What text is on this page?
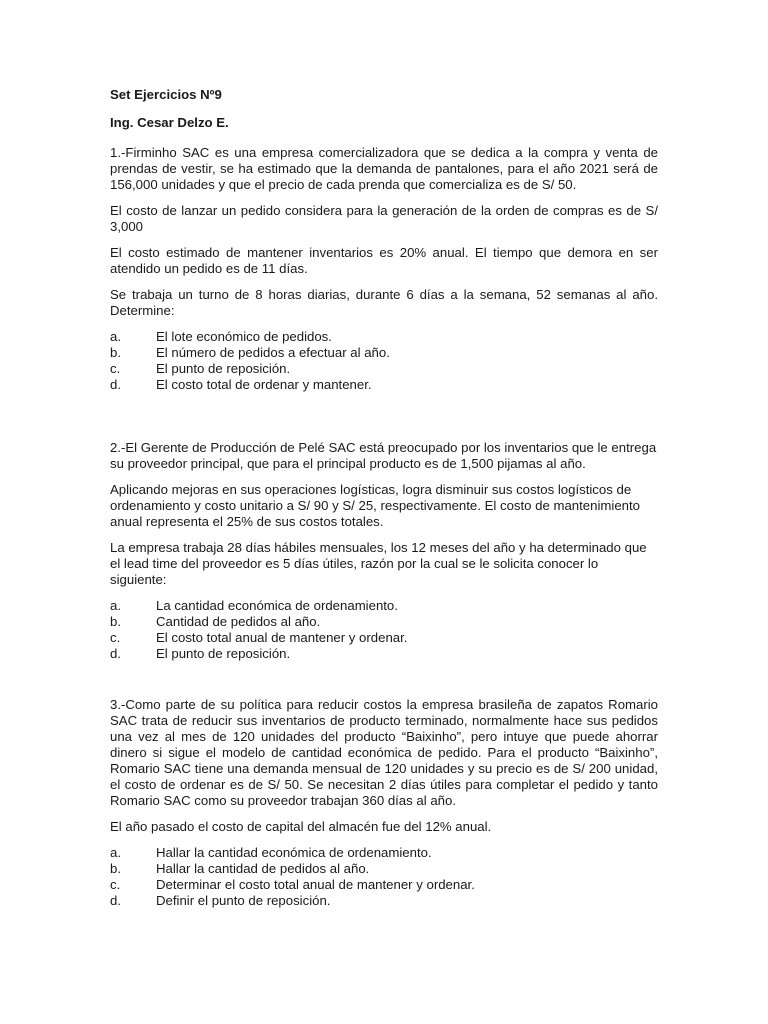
Set Ejercicios Nº9
Ing. Cesar Delzo E.

1.-Firminho SAC es una empresa comercializadora que se dedica a la compra y venta de prendas de vestir, se ha estimado que la demanda de pantalones, para el año 2021 será de 156,000 unidades y que el precio de cada prenda que comercializa es de S/ 50.

El costo de lanzar un pedido considera para la generación de la orden de compras es de S/ 3,000

El costo estimado de mantener inventarios es 20% anual. El tiempo que demora en ser atendido un pedido es de 11 días.

Se trabaja un turno de 8 horas diarias, durante 6 días a la semana, 52 semanas al año. Determine:

a.	El lote económico de pedidos.
b.	El número de pedidos a efectuar al año.
c.	El punto de reposición.
d.	El costo total de ordenar y mantener.

2.-El Gerente de Producción de Pelé SAC está preocupado por los inventarios que le entrega su proveedor principal, que para el principal producto es de 1,500 pijamas al año.

Aplicando mejoras en sus operaciones logísticas, logra disminuir sus costos logísticos de ordenamiento y costo unitario a S/ 90 y S/ 25, respectivamente. El costo de mantenimiento anual representa el 25% de sus costos totales.

La empresa trabaja 28 días hábiles mensuales, los 12 meses del año y ha determinado que el lead time del proveedor es 5 días útiles, razón por la cual se le solicita conocer lo siguiente:

a.	La cantidad económica de ordenamiento.
b.	Cantidad de pedidos al año.
c.	El costo total anual de mantener y ordenar.
d.	El punto de reposición.

3.-Como parte de su política para reducir costos la empresa brasileña de zapatos Romario SAC trata de reducir sus inventarios de producto terminado, normalmente hace sus pedidos una vez al mes de 120 unidades del producto “Baixinho”, pero intuye que puede ahorrar dinero si sigue el modelo de cantidad económica de pedido. Para el producto “Baixinho”, Romario SAC tiene una demanda mensual de 120 unidades y su precio es de S/ 200 unidad, el costo de ordenar es de S/ 50. Se necesitan 2 días útiles para completar el pedido y tanto Romario SAC como su proveedor trabajan 360 días al año.

El año pasado el costo de capital del almacén fue del 12% anual.

a.	Hallar la cantidad económica de ordenamiento.
b.	Hallar la cantidad de pedidos al año.
c.	Determinar el costo total anual de mantener y ordenar.
d.	Definir el punto de reposición.
